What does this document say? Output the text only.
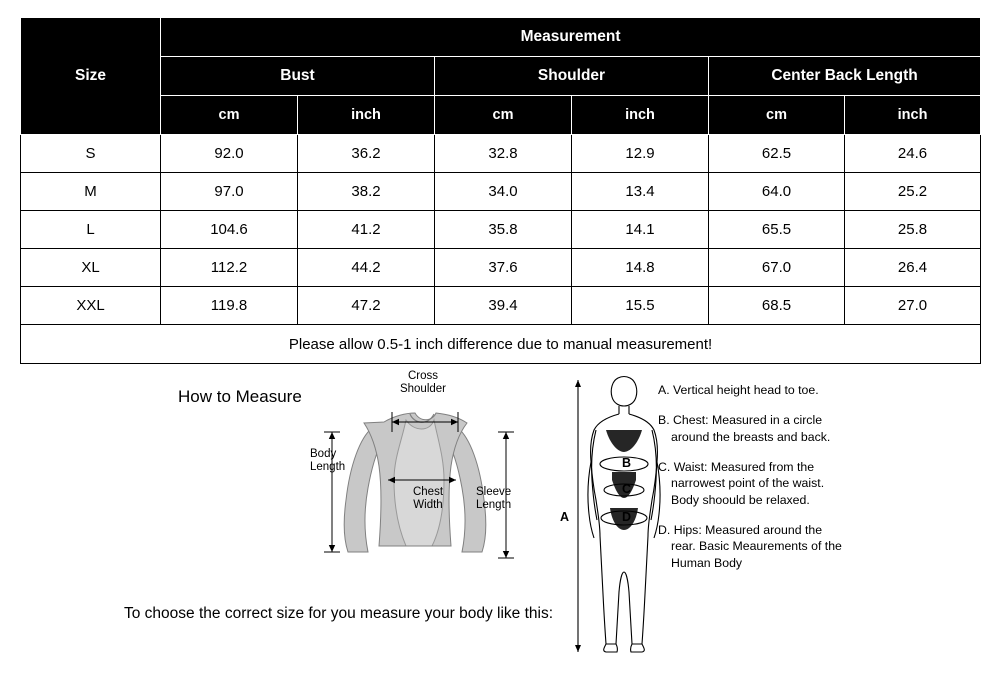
Size	Measurement					
	Bust		Shoulder		Center Back Length	
	cm	inch	cm	inch	cm	inch
S	92.0	36.2	32.8	12.9	62.5	24.6
M	97.0	38.2	34.0	13.4	64.0	25.2
L	104.6	41.2	35.8	14.1	65.5	25.8
XL	112.2	44.2	37.6	14.8	67.0	26.4
XXL	119.8	47.2	39.4	15.5	68.5	27.0
Please allow 0.5-1 inch difference due to manual measurement!						
How to Measure
To choose the correct size for you measure your body like this:
Cross
Shoulder
Body
Length
Chest
Width
Sleeve
Length
B
C
D
A

A. Vertical height head to toe.

B. Chest: Measured in a circle around the breasts and back.

C. Waist: Measured from the narrowest point of the waist. Body shoould be relaxed.

D. Hips: Measured around the rear. Basic Meaurements of the Human Body
